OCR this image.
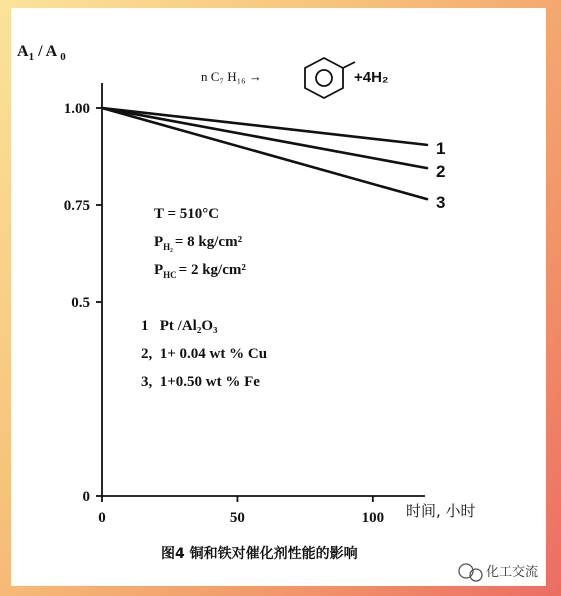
$A_1$ / A $_0$
n C₇ H₁₆ →	+4H₂
0
0.5
0.75
1.00
0	50	100
1
2
3
时间, 小时
T = 510°C
$P_{H_2} = 8$ kg/cm²
$P_{HC} = 2$ kg/cm²
1   Pt /Al₂O₃
2,  1+ 0.04 wt % Cu
3,  1+0.50 wt % Fe
图4 铜和铁对催化剂性能的影响
化工交流
